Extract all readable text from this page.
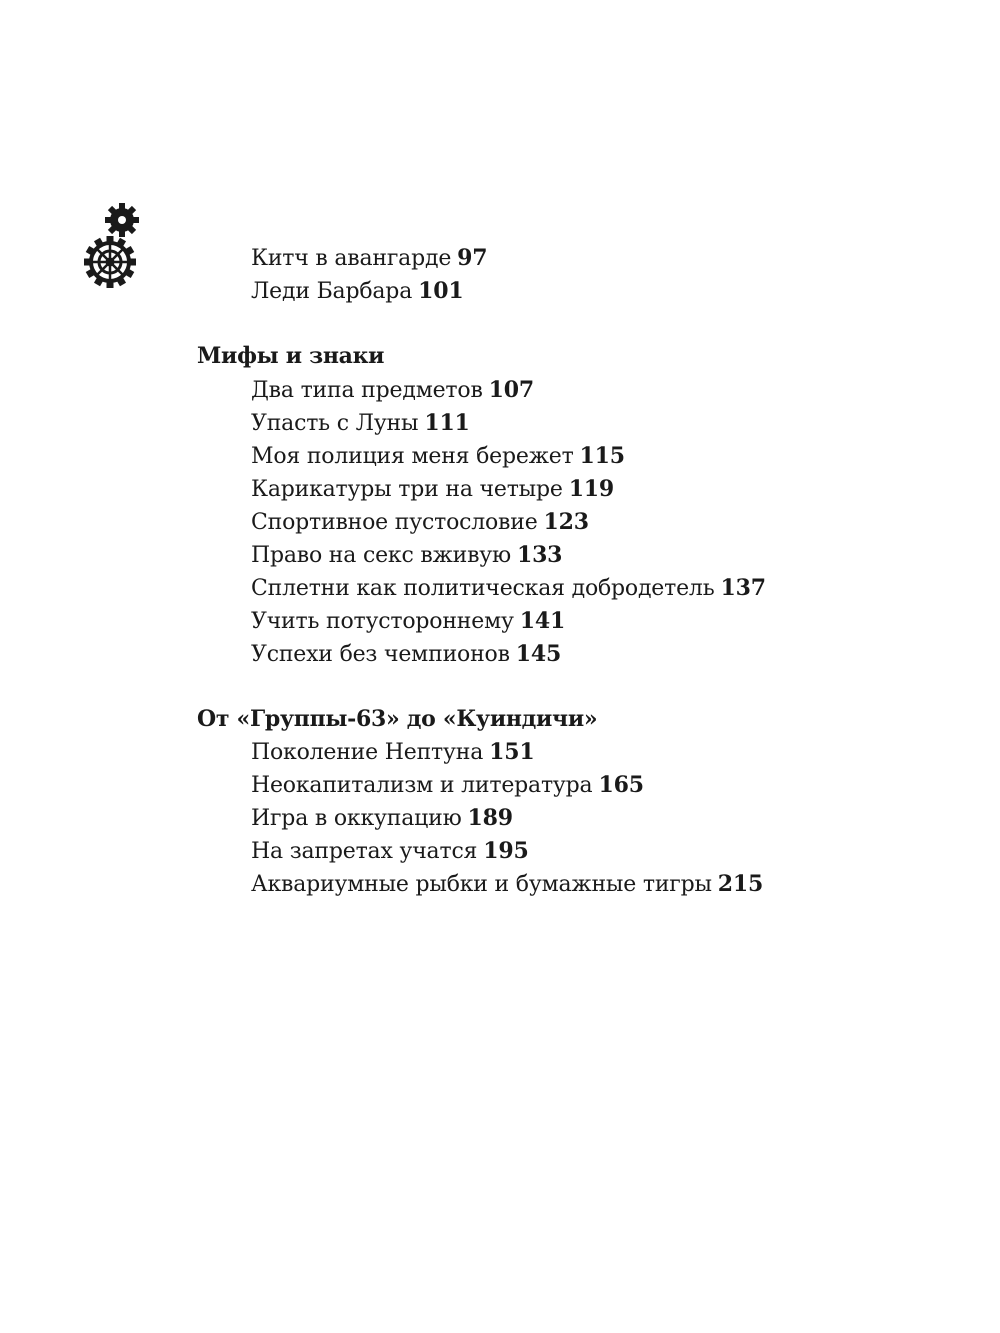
Китч в авангарде 97
Леди Барбара 101
Мифы и знаки
Два типа предметов 107
Упасть с Луны 111
Моя полиция меня бережет 115
Карикатуры три на четыре 119
Спортивное пустословие 123
Право на секс вживую 133
Сплетни как политическая добродетель 137
Учить потустороннему 141
Успехи без чемпионов 145
От «Группы-63» до «Куиндичи»
Поколение Нептуна 151
Неокапитализм и литература 165
Игра в оккупацию 189
На запретах учатся 195
Аквариумные рыбки и бумажные тигры 215
